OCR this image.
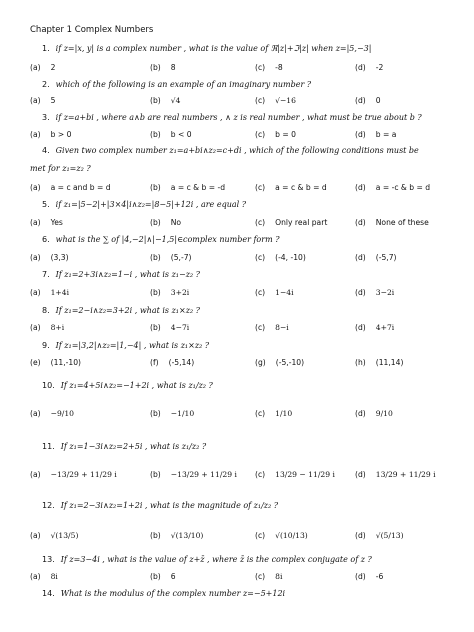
Chapter 1 Complex Numbers
1. if z=|x, y| is a complex number , what is the value of ℜ|z|+ℑ|z| when z=|5,−3|
(a) 2	(b) 8	(c) -8	(d) -2
2. which of the following is an example of an imaginary number ?
(a) 5	(b) √4	(c) √−16	(d) 0
3. if z=a+bi , where a∧b are real numbers , ∧ z is real number , what must be true about b ?
(a) b > 0	(b) b < 0	(c) b = 0	(d) b = a
4. Given two complex number z₁=a+bi∧z₂=c+di , which of the following conditions must be
met for z₁=z₂ ?
(a) a = c and b = d	(b) a = c & b = -d	(c) a = c & b = d	(d) a = -c & b = d
5. if z₁=|5−2|+|3×4|i∧z₂=|8−5|+12i , are equal ?
(a) Yes	(b) No	(c) Only real part	(d) None of these
6. what is the ∑ of |4,−2|∧|−1,5|∈complex number form ?
(a) (3,3)	(b) (5,-7)	(c) (-4, -10)	(d) (-5,7)
7. If z₁=2+3i∧z₂=1−i , what is z₁−z₂ ?
(a) 1+4i	(b) 3+2i	(c) 1−4i	(d) 3−2i
8. If z₁=2−i∧z₂=3+2i , what is z₁×z₂ ?
(a) 8+i	(b) 4−7i	(c) 8−i	(d) 4+7i
9. If z₁=|3,2|∧z₂=|1,−4| , what is z₁×z₂ ?
(e) (11,-10)	(f) (-5,14)	(g) (-5,-10)	(h) (11,14)
10. If z₁=4+5i∧z₂=−1+2i , what is z₁/z₂ ?
(a) −9/10	(b) −1/10	(c) 1/10	(d) 9/10
11. If z₁=1−3i∧z₂=2+5i , what is z₁/z₂ ?
(a) −13/29 + 11/29 i	(b) −13/29 + 11/29 i (c) 13/29 − 11/29 i	(d) 13/29 + 11/29 i
12. If z₁=2−3i∧z₂=1+2i , what is the magnitude of z₁/z₂ ?
(a) √(13/5)	(b) √(13/10)	(c) √(10/13)	(d) √(5/13)
13. If z=3−4i , what is the value of z+z̄ , where z̄ is the complex conjugate of z ?
(a) 8i	(b) 6	(c) 8i	(d) -6
14. What is the modulus of the complex number z=−5+12i
